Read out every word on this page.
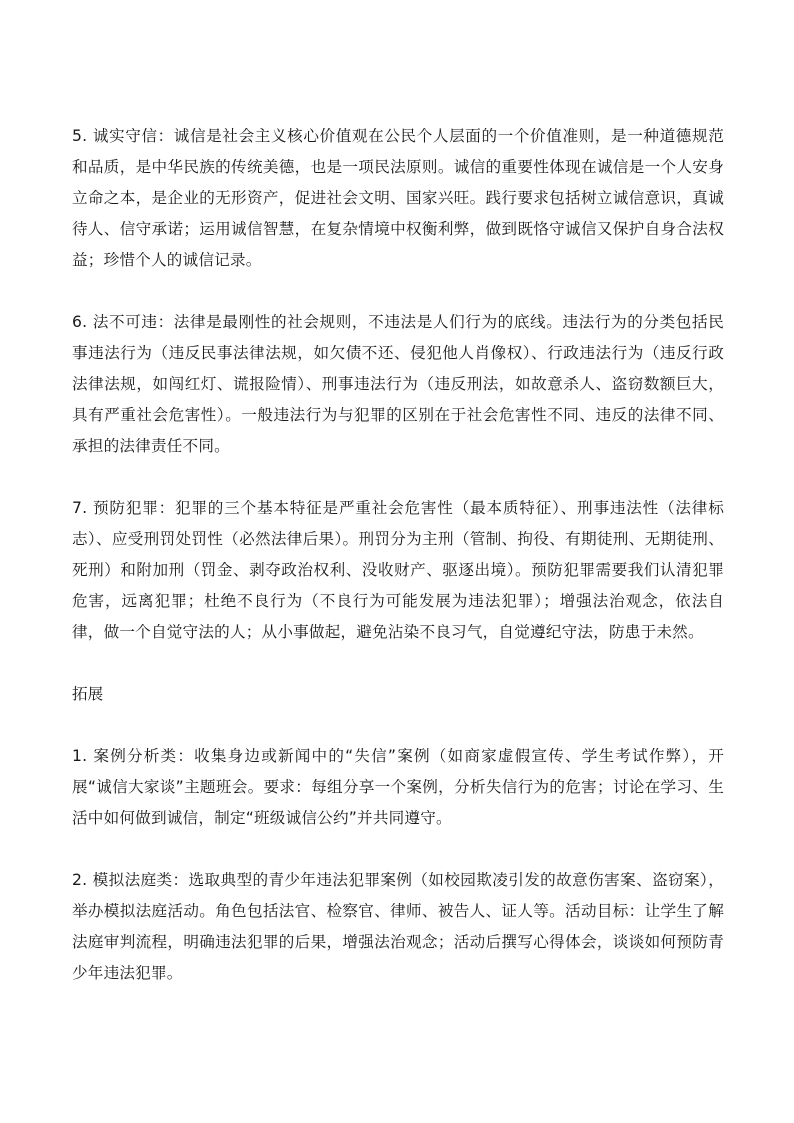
5. 诚实守信：诚信是社会主义核心价值观在公民个人层面的一个价值准则，是一种道德规范和品质，是中华民族的传统美德，也是一项民法原则。诚信的重要性体现在诚信是一个人安身立命之本，是企业的无形资产，促进社会文明、国家兴旺。践行要求包括树立诚信意识，真诚待人、信守承诺；运用诚信智慧，在复杂情境中权衡利弊，做到既恪守诚信又保护自身合法权益；珍惜个人的诚信记录。

6. 法不可违：法律是最刚性的社会规则，不违法是人们行为的底线。违法行为的分类包括民事违法行为（违反民事法律法规，如欠债不还、侵犯他人肖像权）、行政违法行为（违反行政法律法规，如闯红灯、谎报险情）、刑事违法行为（违反刑法，如故意杀人、盗窃数额巨大，具有严重社会危害性）。一般违法行为与犯罪的区别在于社会危害性不同、违反的法律不同、承担的法律责任不同。

7. 预防犯罪：犯罪的三个基本特征是严重社会危害性（最本质特征）、刑事违法性（法律标志）、应受刑罚处罚性（必然法律后果）。刑罚分为主刑（管制、拘役、有期徒刑、无期徒刑、死刑）和附加刑（罚金、剥夺政治权利、没收财产、驱逐出境）。预防犯罪需要我们认清犯罪危害，远离犯罪；杜绝不良行为（不良行为可能发展为违法犯罪）；增强法治观念，依法自律，做一个自觉守法的人；从小事做起，避免沾染不良习气，自觉遵纪守法，防患于未然。

拓展

1. 案例分析类：收集身边或新闻中的“失信”案例（如商家虚假宣传、学生考试作弊），开展“诚信大家谈”主题班会。要求：每组分享一个案例，分析失信行为的危害；讨论在学习、生活中如何做到诚信，制定“班级诚信公约”并共同遵守。

2. 模拟法庭类：选取典型的青少年违法犯罪案例（如校园欺凌引发的故意伤害案、盗窃案），举办模拟法庭活动。角色包括法官、检察官、律师、被告人、证人等。活动目标：让学生了解法庭审判流程，明确违法犯罪的后果，增强法治观念；活动后撰写心得体会，谈谈如何预防青少年违法犯罪。
